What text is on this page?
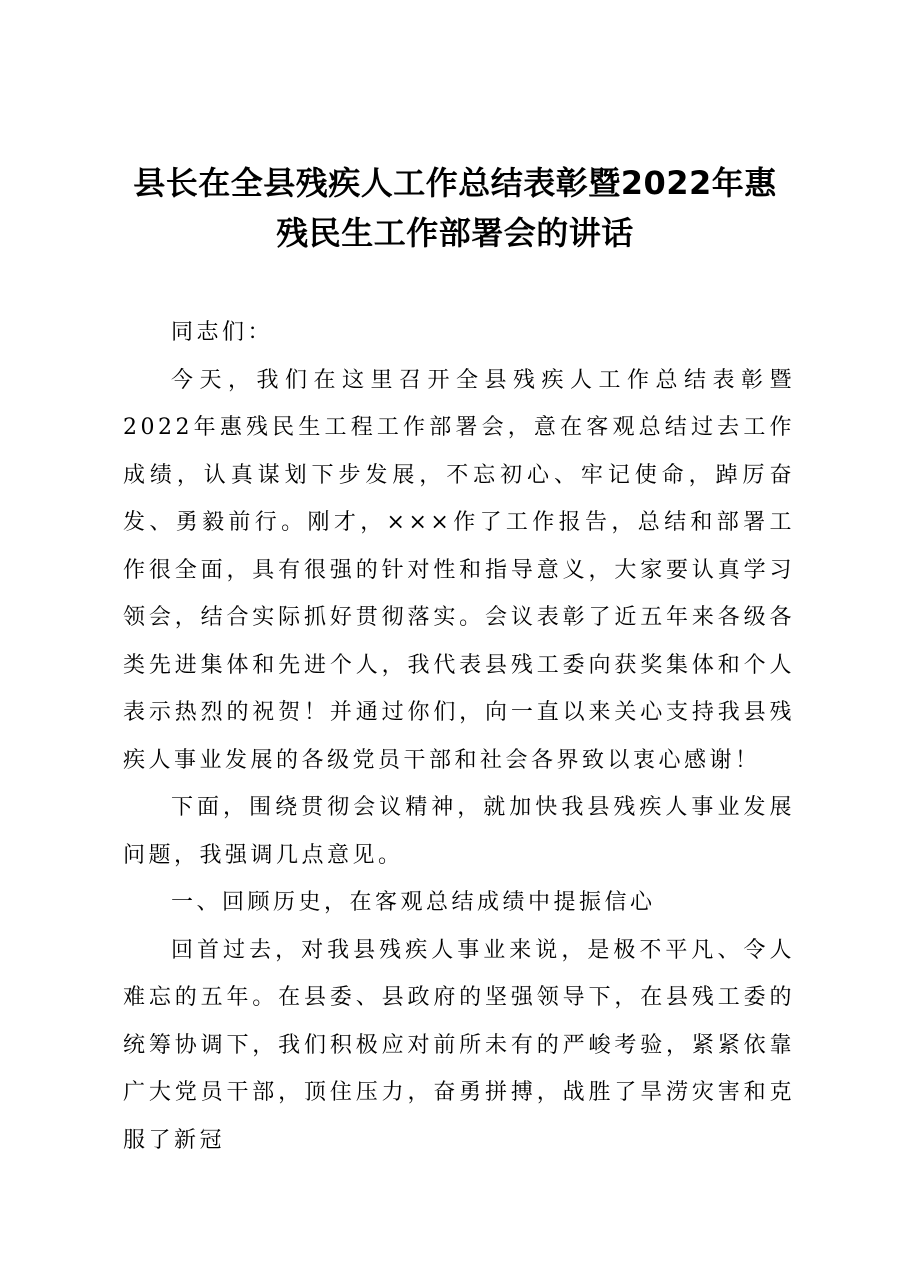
县长在全县残疾人工作总结表彰暨2022年惠
残民生工作部署会的讲话

同志们：

今天，我们在这里召开全县残疾人工作总结表彰暨2022年惠残民生工程工作部署会，意在客观总结过去工作成绩，认真谋划下步发展，不忘初心、牢记使命，踔厉奋发、勇毅前行。刚才，×××作了工作报告，总结和部署工作很全面，具有很强的针对性和指导意义，大家要认真学习领会，结合实际抓好贯彻落实。会议表彰了近五年来各级各类先进集体和先进个人，我代表县残工委向获奖集体和个人表示热烈的祝贺！并通过你们，向一直以来关心支持我县残疾人事业发展的各级党员干部和社会各界致以衷心感谢！

下面，围绕贯彻会议精神，就加快我县残疾人事业发展问题，我强调几点意见。

一、回顾历史，在客观总结成绩中提振信心

回首过去，对我县残疾人事业来说，是极不平凡、令人难忘的五年。在县委、县政府的坚强领导下，在县残工委的统筹协调下，我们积极应对前所未有的严峻考验，紧紧依靠广大党员干部，顶住压力，奋勇拼搏，战胜了旱涝灾害和克服了新冠
